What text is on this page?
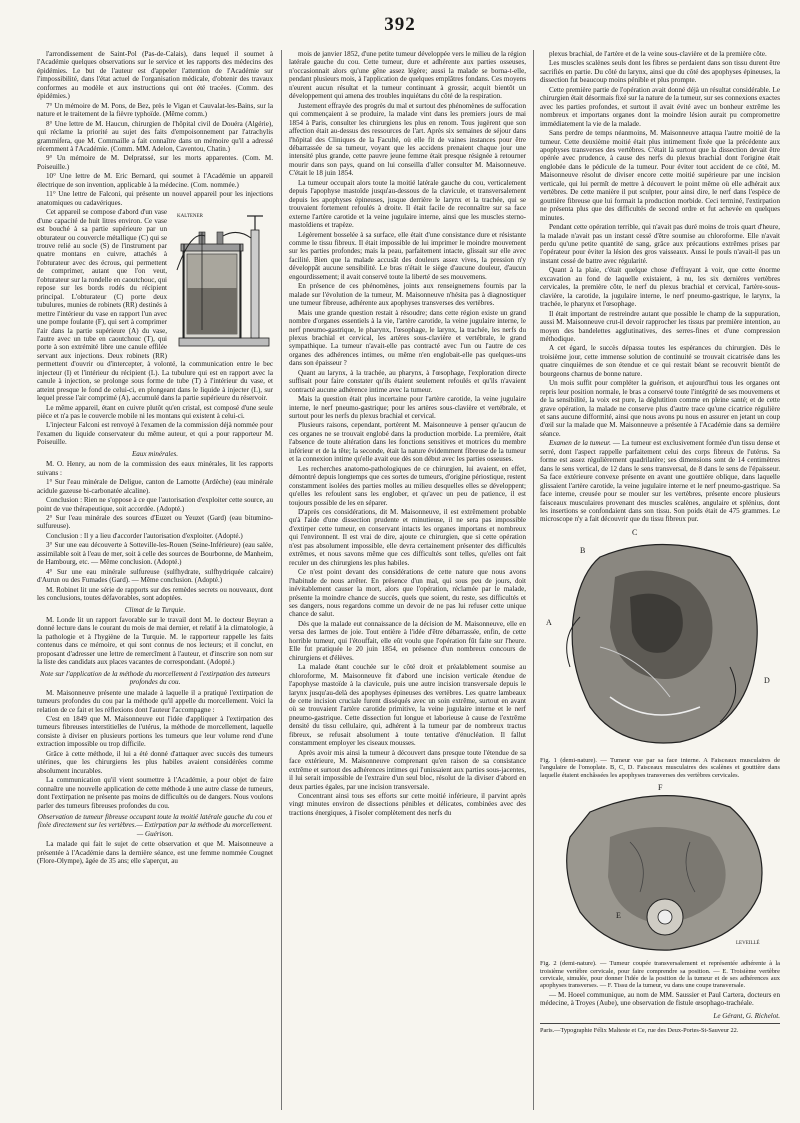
392

l'arrondissement de Saint-Pol (Pas-de-Calais), dans lequel il soumet à l'Académie quelques observations sur le service et les rapports des médecins des épidémies. Le but de l'auteur est d'appeler l'attention de l'Académie sur l'impossibilité, dans l'état actuel de l'organisation médicale, d'obtenir des travaux conformes au modèle et aux instructions qui ont été tracées. (Comm. des épidémies.)

7° Un mémoire de M. Pons, de Bez, près le Vigan et Cauvalat-les-Bains, sur la nature et le traitement de la fièvre typhoïde. (Même comm.)

8° Une lettre de M. Haucun, chirurgien de l'hôpital civil de Douéra (Algérie), qui réclame la priorité au sujet des faits d'empoisonnement par l'atrachylis grammifera, que M. Commaille a fait connaître dans un mémoire qu'il a adressé récemment à l'Académie. (Comm. MM. Adelon, Caventou, Chatin.)

9° Un mémoire de M. Delpratssé, sur les morts apparentes. (Com. M. Poiseuille.)

10° Une lettre de M. Eric Bernard, qui soumet à l'Académie un appareil électrique de son invention, applicable à la médecine. (Com. nommée.)

11° Une lettre de Falconi, qui présente un nouvel appareil pour les injections anatomiques ou cadavériques.

KALTENER

Cet appareil se compose d'abord d'un vase d'une capacité de huit litres environ. Ce vase est bouché à sa partie supérieure par un obturateur ou couvercle métallique (C) qui se trouve relié au socle (S) de l'instrument par quatre montans en cuivre, attachés à l'obturateur avec des écrous, qui permettent de comprimer, autant que l'on veut, l'obturateur sur la rondelle en caoutchouc, qui repose sur les bords rodés du récipient principal. L'obturateur (C) porte deux tubulures, munies de robinets (RR) destinés à mettre l'intérieur du vase en rapport l'un avec une pompe foulante (F), qui sert à comprimer l'air dans la partie supérieure (A) du vase, l'autre avec un tube en caoutchouc (T), qui porte à son extrémité libre une canule effilée servant aux injections. Deux robinets (RR) permettent d'ouvrir ou d'intercepter, à volonté, la communication entre le bec injecteur (I) et l'intérieur du récipient (L). La tubulure qui est en rapport avec la canule à injection, se prolonge sous forme de tube (T) à l'intérieur du vase, et atteint presque le fond de celui-ci, en plongeant dans le liquide à injecter (L), sur lequel presse l'air comprimé (A), accumulé dans la partie supérieure du réservoir.

Le même appareil, étant en cuivre plutôt qu'en cristal, est composé d'une seule pièce et n'a pas le couvercle mobile ni les montans qui existent à celui-ci.

L'injecteur Falconi est renvoyé à l'examen de la commission déjà nommée pour l'examen du liquide conservateur du même auteur, et qui a pour rapporteur M. Poiseuille.

Eaux minérales.

M. O. Henry, au nom de la commission des eaux minérales, lit les rapports suivans :

1° Sur l'eau minérale de Deligue, canton de Lamotte (Ardèche) (eau minérale acidule gazeuse bi-carbonatée alcaline).

Conclusion : Rien ne s'oppose à ce que l'autorisation d'exploiter cette source, au point de vue thérapeutique, soit accordée. (Adopté.)

2° Sur l'eau minérale des sources d'Euzet ou Yeuzet (Gard) (eau bitumino-sulfureuse).

Conclusion : Il y a lieu d'accorder l'autorisation d'exploiter. (Adopté.)

3° Sur une eau découverte à Sotteville-les-Rouen (Seine-Inférieure) (eau salée, assimilable soit à l'eau de mer, soit à celle des sources de Bourbonne, de Manheim, de Hambourg, etc. — Même conclusion. (Adopté.)

4° Sur une eau minérale sulfureuse (sulfhydrate, sulfhydriquée calcaire) d'Aurun ou des Fumades (Gard). — Même conclusion. (Adopté.)

M. Robinet lit une série de rapports sur des remèdes secrets ou nouveaux, dont les conclusions, toutes défavorables, sont adoptées.

Climat de la Turquie.

M. Londe lit un rapport favorable sur le travail dont M. le docteur Beyran a donné lecture dans le courant du mois de mai dernier, et relatif à la climatologie, à la pathologie et à l'hygiène de la Turquie. M. le rapporteur rappelle les faits contenus dans ce mémoire, et qui sont connus de nos lecteurs; et il conclut, en proposant d'adresser une lettre de remercîment à l'auteur, et d'inscrire son nom sur la liste des candidats aux places vacantes de correspondant. (Adopté.)

Note sur l'application de la méthode du morcellement à l'extirpation des tumeurs profondes du cou.

M. Maisonneuve présente une malade à laquelle il a pratiqué l'extirpation de tumeurs profondes du cou par la méthode qu'il appelle du morcellement. Voici la relation de ce fait et les réflexions dont l'auteur l'accompagne :

C'est en 1849 que M. Maisonneuve eut l'idée d'appliquer à l'extirpation des tumeurs fibreuses interstitielles de l'utérus, la méthode de morcellement, laquelle consiste à diviser en plusieurs portions les tumeurs que leur volume rend d'une extraction impossible ou trop difficile.

Grâce à cette méthode, il lui a été donné d'attaquer avec succès des tumeurs utérines, que les chirurgiens les plus habiles avaient considérées comme absolument incurables.

La communication qu'il vient soumettre à l'Académie, a pour objet de faire connaître une nouvelle application de cette méthode à une autre classe de tumeurs, dont l'extirpation ne présente pas moins de difficultés ou de dangers. Nous voulons parler des tumeurs fibreuses profondes du cou.

Observation de tumeur fibreuse occupant toute la moitié latérale gauche du cou et fixée directement sur les vertèbres.— Extirpation par la méthode du morcellement. — Guérison.

La malade qui fait le sujet de cette observation et que M. Maisonneuve a présentée à l'Académie dans la dernière séance, est une femme nommée Cougnet (Flore-Olympe), âgée de 35 ans; elle s'aperçut, au

mois de janvier 1852, d'une petite tumeur développée vers le milieu de la région latérale gauche du cou. Cette tumeur, dure et adhérente aux parties osseuses, n'occasionnait alors qu'une gêne assez légère; aussi la malade se borna-t-elle, pendant plusieurs mois, à l'application de quelques emplâtres fondans. Ces moyens n'eurent aucun résultat et la tumeur continuant à grossir, acquit bientôt un développement qui amena des troubles inquiétans du côté de la respiration.

Justement effrayée des progrès du mal et surtout des phénomènes de suffocation qui commençaient à se produire, la malade vint dans les premiers jours de mai 1854 à Paris, consulter les chirurgiens les plus en renom. Tous jugèrent que son affection était au-dessus des ressources de l'art. Après six semaines de séjour dans l'hôpital des Cliniques de la Faculté, où elle fit de vaines instances pour être débarrassée de sa tumeur, voyant que les accidens prenaient chaque jour une intensité plus grande, cette pauvre jeune femme était presque résignée à retourner mourir dans son pays, quand on lui conseilla d'aller consulter M. Maisonneuve. C'était le 18 juin 1854.

La tumeur occupait alors toute la moitié latérale gauche du cou, verticalement depuis l'apophyse mastoïde jusqu'au-dessous de la clavicule, et transversalement depuis les apophyses épineuses, jusque derrière le larynx et la trachée, qui se trouvaient fortement refoulés à droite. Il était facile de reconnaître sur sa face externe l'artère carotide et la veine jugulaire interne, ainsi que les muscles sterno- mastoïdiens et trapèze.

Légèrement bosselée à sa surface, elle était d'une consistance dure et résistante comme le tissu fibreux. Il était impossible de lui imprimer le moindre mouvement sur les parties profondes; mais la peau, parfaitement intacte, glissait sur elle avec facilité. Bien que la malade accusât des douleurs assez vives, la pression n'y développât aucune sensibilité. Le bras n'était le siège d'aucune douleur, d'aucun engourdissement; il avait conservé toute la liberté de ses mouvemens.

En présence de ces phénomènes, joints aux renseignemens fournis par la malade sur l'évolution de la tumeur, M. Maisonneuve n'hésita pas à diagnostiquer une tumeur fibreuse, adhérente aux apophyses transverses des vertèbres.

Mais une grande question restait à résoudre; dans cette région existe un grand nombre d'organes essentiels à la vie, l'artère carotide, la veine jugulaire interne, le nerf pneumo-gastrique, le pharynx, l'œsophage, le larynx, la trachée, les nerfs du plexus brachial et cervical, les artères sous-clavière et vertébrale, le grand sympathique. La tumeur n'avait-elle pas contracté avec l'un ou l'autre de ces organes des adhérences intimes, ou même n'en englobait-elle pas quelques-uns dans son épaisseur ?

Quant au larynx, à la trachée, au pharynx, à l'œsophage, l'exploration directe suffisait pour faire constater qu'ils étaient seulement refoulés et qu'ils n'avaient contracté aucune adhérence intime avec la tumeur.

Mais la question était plus incertaine pour l'artère carotide, la veine jugulaire interne, le nerf pneumo-gastrique; pour les artères sous-clavière et vertébrale, et surtout pour les nerfs du plexus brachial et cervical.

Plusieurs raisons, cependant, portèrent M. Maisonneuve à penser qu'aucun de ces organes ne se trouvait englobé dans la production morbide. La première, était l'absence de toute altération dans les fonctions sensitives et motrices du membre inférieur et de la tête; la seconde, était la nature évidemment fibreuse de la tumeur et la connexion intime qu'elle avait eue dès son début avec les parties osseuses.

Les recherches anatomo-pathologiques de ce chirurgien, lui avaient, en effet, démontré depuis longtemps que ces sortes de tumeurs, d'origine périostique, restent constamment isolées des parties molles au milieu desquelles elles se développent; qu'elles les refoulent sans les englober, et qu'avec un peu de patience, il est toujours possible de les en séparer.

D'après ces considérations, dit M. Maisonneuve, il est extrêmement probable qu'à l'aide d'une dissection prudente et minutieuse, il ne sera pas impossible d'extirper cette tumeur, en conservant intacts les organes importans et nombreux qui l'environnent. Il est vrai de dire, ajoute ce chirurgien, que si cette opération n'est pas absolument impossible, elle devra certainement présenter des difficultés extrêmes, et nous savons même que ces difficultés sont telles, qu'elles ont fait reculer un des chirurgiens les plus habiles.

Ce n'est point devant des considérations de cette nature que nous avons l'habitude de nous arrêter. En présence d'un mal, qui sous peu de jours, doit inévitablement causer la mort, alors que l'opération, réclamée par le malade, présente la moindre chance de succès, quels que soient, du reste, ses difficultés et ses dangers, nous regardons comme un devoir de ne pas lui refuser cette unique chance de salut.

Dès que la malade eut connaissance de la décision de M. Maisonneuve, elle en versa des larmes de joie. Tout entière à l'idée d'être débarrassée, enfin, de cette horrible tumeur, qui l'étouffait, elle eût voulu que l'opération fût faite sur l'heure. Elle fut pratiquée le 20 juin 1854, en présence d'un nombreux concours de chirurgiens et d'élèves.

La malade étant couchée sur le côté droit et préalablement soumise au chloroforme, M. Maisonneuve fit d'abord une incision verticale étendue de l'apophyse mastoïde à la clavicule, puis une autre incision transversale depuis le larynx jusqu'au-delà des apophyses épineuses des vertèbres. Les quatre lambeaux de cette incision cruciale furent disséqués avec un soin extrême, surtout en avant où se trouvaient l'artère carotide primitive, la veine jugulaire interne et le nerf pneumo-gastrique. Cette dissection fut longue et laborieuse à cause de l'extrême densité du tissu cellulaire, qui, adhérent à la tumeur par de nombreux tractus fibreux, se refusait absolument à toute tentative d'énucléation. Il fallut constamment employer les ciseaux mousses.

Après avoir mis ainsi la tumeur à découvert dans presque toute l'étendue de sa face extérieure, M. Maisonneuve comprenant qu'en raison de sa consistance extrême et surtout des adhérences intimes qui l'unissaient aux parties sous-jacentes, il lui serait impossible de l'extraire d'un seul bloc, résolut de la diviser d'abord en deux parties égales, par une incision transversale.

Concentrant ainsi tous ses efforts sur cette moitié inférieure, il parvint après vingt minutes environ de dissections pénibles et délicates, combinées avec des tractions énergiques, à l'isoler complètement des nerfs du

plexus brachial, de l'artère et de la veine sous-clavière et de la première côte.

Les muscles scalènes seuls dont les fibres se perdaient dans son tissu durent être sacrifiés en partie. Du côté du larynx, ainsi que du côté des apophyses épineuses, la dissection fut beaucoup moins pénible et plus prompte.

Cette première partie de l'opération avait donné déjà un résultat considérable. Le chirurgien était désormais fixé sur la nature de la tumeur, sur ses connexions exactes avec les parties profondes, et surtout il avait évité avec un bonheur extrême les nombreux et importans organes dont la moindre lésion aurait pu compromettre immédiatement la vie de la malade.

Sans perdre de temps néanmoins, M. Maisonneuve attaqua l'autre moitié de la tumeur. Cette deuxième moitié était plus intimement fixée que la précédente aux apophyses transverses des vertèbres. C'était là surtout que la dissection devait être opérée avec prudence, à cause des nerfs du plexus brachial dont l'origine était englobée dans le pédicule de la tumeur. Pour éviter tout accident de ce côté, M. Maisonneuve résolut de diviser encore cette moitié supérieure par une incision verticale, qui lui permît de mettre à découvert le point même où elle adhérait aux vertèbres. De cette manière il put sculpter, pour ainsi dire, le nerf dans l'espèce de gouttière fibreuse que lui formait la production morbide. Ceci terminé, l'extirpation ne présenta plus que des difficultés de second ordre et fut achevée en quelques minutes.

Pendant cette opération terrible, qui n'avait pas duré moins de trois quart d'heure, la malade n'avait pas un instant cessé d'être soumise au chloroforme. Elle n'avait perdu qu'une petite quantité de sang, grâce aux précautions extrêmes prises par l'opérateur pour éviter la lésion des gros vaisseaux. Aussi le pouls n'avait-il pas un instant cessé de battre avec régularité.

Quant à la plaie, c'était quelque chose d'effrayant à voir, que cette énorme excavation au fond de laquelle existaient, à nu, les six dernières vertèbres cervicales, la première côte, le nerf du plexus brachial et cervical, l'artère-sous-clavière, la carotide, la jugulaire interne, le nerf pneumo-gastrique, le larynx, la trachée, le pharynx et l'œsophage.

Il était important de restreindre autant que possible le champ de la suppuration, aussi M. Maisonneuve crut-il devoir rapprocher les tissus par première intention, au moyen des bandelettes agglutinatives, des serres-fines et d'une compression méthodique.

A cet égard, le succès dépassa toutes les espérances du chirurgien. Dès le troisième jour, cette immense solution de continuité se trouvait cicatrisée dans les quatre cinquièmes de son étendue et ce qui restait béant se recouvrit bientôt de bourgeons charnus de bonne nature.

Un mois suffit pour compléter la guérison, et aujourd'hui tous les organes ont repris leur position normale, le bras a conservé toute l'intégrité de ses mouvemens et de la sensibilité, la voix est pure, la déglutition comme en pleine santé; et de cette grave opération, la malade ne conserve plus d'autre trace qu'une cicatrice régulière et sans aucune difformité, ainsi que nous avons pu nous en assurer en jetant un coup d'œil sur la malade que M. Maisonneuve a présentée à l'Académie dans sa dernière séance.

Examen de la tumeur. — La tumeur est exclusivement formée d'un tissu dense et serré, dont l'aspect rappelle parfaitement celui des corps fibreux de l'utérus. Sa forme est assez régulièrement quadrilatère; ses dimensions sont de 14 centimètres dans le sens vertical, de 12 dans le sens transversal, de 8 dans le sens de l'épaisseur. Sa face extérieure convexe présente en avant une gouttière oblique, dans laquelle glissaient l'artère carotide, la veine jugulaire interne et le nerf pneumo-gastrique. Sa face interne, creusée pour se mouler sur les vertèbres, présente encore plusieurs faisceaux musculaires provenant des muscles scalènes, angulaire et splénius, dont les insertions se confondaient dans son tissu. Son poids était de 475 grammes. Le microscope n'y a fait découvrir que du tissu fibreux pur.

A
B
C
D

Fig. 1 (demi-nature). — Tumeur vue par sa face interne. A Faisceaux musculaires de l'angulaire de l'omoplate. B, C, D. Faisceaux musculaires des scalènes et gouttière dans laquelle étaient enchâssées les apophyses transverses des vertèbres cervicales.

F
E
LEVEILLÉ

Fig. 2 (demi-nature). — Tumeur coupée transversalement et représentée adhérente à la troisième vertèbre cervicale, pour faire comprendre sa position. — E. Troisième vertèbre cervicale, simulée, pour donner l'idée de la position de la tumeur et de ses adhérences aux apophyses transverses. — F. Tissu de la tumeur, vu dans une coupe transversale.

— M. Hoeel communique, au nom de MM. Saussier et Paul Cartera, docteurs en médecine, à Troyes (Aube), une observation de fistule œsophago-trachéale.

Le Gérant, G. Richelot.

Paris.—Typographie Félix Malteste et Ce, rue des Deux-Portes-St-Sauveur 22.
